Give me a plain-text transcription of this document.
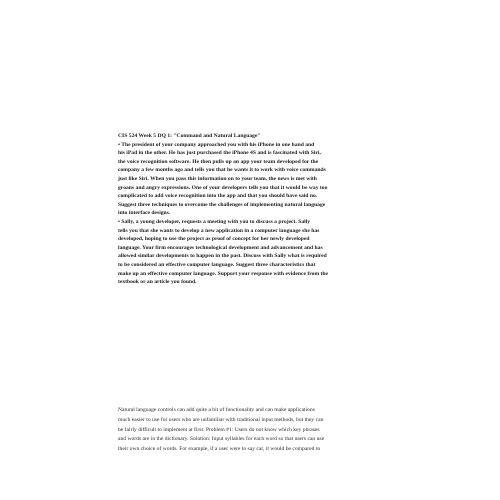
CIS 524 Week 5 DQ 1: "Command and Natural Language"

• The president of your company approached you with his iPhone in one hand and

his iPad in the other. He has just purchased the iPhone 4S and is fascinated with Siri,

the voice recognition software. He then pulls up an app your team developed for the

company a few months ago and tells you that he wants it to work with voice commands

just like Siri. When you pass this information on to your team, the news is met with

groans and angry expressions. One of your developers tells you that it would be way too

complicated to add voice recognition into the app and that you should have said no.

Suggest three techniques to overcome the challenges of implementing natural language

into interface designs.

• Sally, a young developer, requests a meeting with you to discuss a project. Sally

tells you that she wants to develop a new application in a computer language she has

developed, hoping to use the project as proof of concept for her newly developed

language. Your firm encourages technological development and advancement and has

allowed similar developments to happen in the past. Discuss with Sally what is required

to be considered an effective computer language. Suggest three characteristics that

make up an effective computer language. Support your response with evidence from the

textbook or an article you found.

Natural language controls can add quite a bit of functionality and can make applications

much easier to use for users who are unfamiliar with traditional input methods, but they can

be fairly difficult to implement at first. Problem #1: Users do not know which key phrases

and words are in the dictionary. Solution: Input syllables for each word so that users can use

their own choice of words. For example, if a user were to say car, it would be compared to
